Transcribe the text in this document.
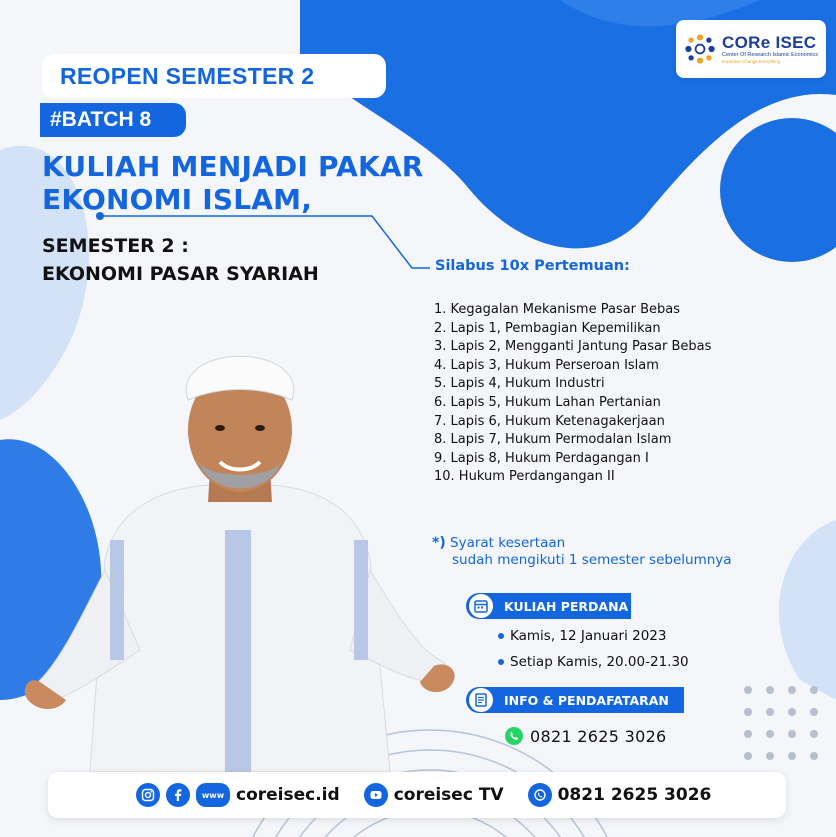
CORe ISEC
Center Of Research Islamic Economics
Expertise Change Everything
REOPEN SEMESTER 2
#BATCH 8
KULIAH MENJADI PAKAR EKONOMI ISLAM,
SEMESTER 2 :
EKONOMI PASAR SYARIAH	Silabus 10x Pertemuan:
1. Kegagalan Mekanisme Pasar Bebas
2. Lapis 1, Pembagian Kepemilikan
3. Lapis 2, Mengganti Jantung Pasar Bebas
4. Lapis 3, Hukum Perseroan Islam
5. Lapis 4, Hukum Industri
6. Lapis 5, Hukum Lahan Pertanian
7. Lapis 6, Hukum Ketenagakerjaan
8. Lapis 7, Hukum Permodalan Islam
9. Lapis 8, Hukum Perdagangan I
10. Hukum Perdangangan II
*) Syarat kesertaan
sudah mengikuti 1 semester sebelumnya
KULIAH PERDANA
Kamis, 12 Januari 2023
Setiap Kamis, 20.00-21.30
INFO & PENDAFATARAN
0821 2625 3026
www coreisec.id	coreisec TV	0821 2625 3026
